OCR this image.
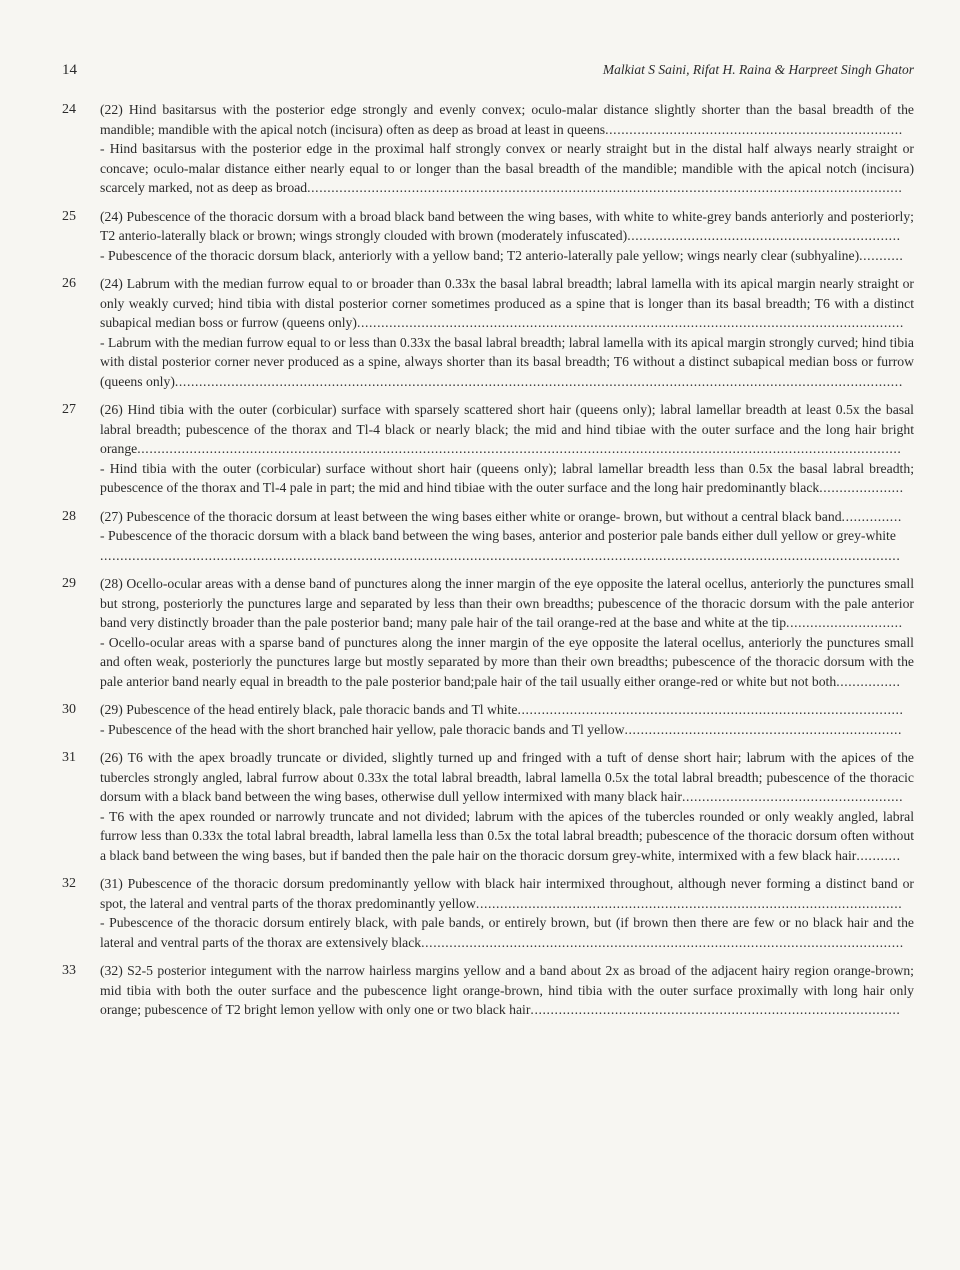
14	Malkiat S Saini, Rifat H. Raina & Harpreet Singh Ghator
24	(22) Hind basitarsus with the posterior edge strongly and evenly convex; oculo-malar distance slightly shorter than the basal breadth of the mandible; mandible with the apical notch (incisura) often as deep as broad at least in queens..........................................................................
- Hind basitarsus with the posterior edge in the proximal half strongly convex or nearly straight but in the distal half always nearly straight or concave; oculo-malar distance either nearly equal to or longer than the basal breadth of the mandible; mandible with the apical notch (incisura) scarcely marked, not as deep as broad....................................................................................................................................................
25	(24) Pubescence of the thoracic dorsum with a broad black band between the wing bases, with white to white-grey bands anteriorly and posteriorly; T2 anterio-laterally black or brown; wings strongly clouded with brown (moderately infuscated)....................................................................
- Pubescence of the thoracic dorsum black, anteriorly with a yellow band; T2 anterio-laterally pale yellow; wings nearly clear (subhyaline)...........
26	(24) Labrum with the median furrow equal to or broader than 0.33x the basal labral breadth; labral lamella with its apical margin nearly straight or only weakly curved; hind tibia with distal posterior corner sometimes produced as a spine that is longer than its basal breadth; T6 with a distinct subapical median boss or furrow (queens only)........................................................................................................................................
- Labrum with the median furrow equal to or less than 0.33x the basal labral breadth; labral lamella with its apical margin strongly curved; hind tibia with distal posterior corner never produced as a spine, always shorter than its basal breadth; T6 without a distinct subapical median boss or furrow (queens only).....................................................................................................................................................................................
27	(26) Hind tibia with the outer (corbicular) surface with sparsely scattered short hair (queens only); labral lamellar breadth at least 0.5x the basal labral breadth; pubescence of the thorax and Tl-4 black or nearly black; the mid and hind tibiae with the outer surface and the long hair bright orange..............................................................................................................................................................................................
- Hind tibia with the outer (corbicular) surface without short hair (queens only); labral lamellar breadth less than 0.5x the basal labral breadth; pubescence of the thorax and Tl-4 pale in part; the mid and hind tibiae with the outer surface and the long hair predominantly black.....................
28	(27) Pubescence of the thoracic dorsum at least between the wing bases either white or orange- brown, but without a central black band...............
- Pubescence of the thoracic dorsum with a black band between the wing bases, anterior and posterior pale bands either dull yellow or grey-white
.......................................................................................................................................................................................................
29	(28) Ocello-ocular areas with a dense band of punctures along the inner margin of the eye opposite the lateral ocellus, anteriorly the punctures small but strong, posteriorly the punctures large and separated by less than their own breadths; pubescence of the thoracic dorsum with the pale anterior band very distinctly broader than the pale posterior band; many pale hair of the tail orange-red at the base and white at the tip.............................
- Ocello-ocular areas with a sparse band of punctures along the inner margin of the eye opposite the lateral ocellus, anteriorly the punctures small and often weak, posteriorly the punctures large but mostly separated by more than their own breadths; pubescence of the thoracic dorsum with the pale anterior band nearly equal in breadth to the pale posterior band;pale hair of the tail usually either orange-red or white but not both................
30	(29) Pubescence of the head entirely black, pale thoracic bands and Tl white................................................................................................
- Pubescence of the head with the short branched hair yellow, pale thoracic bands and Tl yellow.....................................................................
31	(26) T6 with the apex broadly truncate or divided, slightly turned up and fringed with a tuft of dense short hair; labrum with the apices of the tubercles strongly angled, labral furrow about 0.33x the total labral breadth, labral lamella 0.5x the total labral breadth; pubescence of the thoracic dorsum with a black band between the wing bases, otherwise dull yellow intermixed with many black hair.......................................................
- T6 with the apex rounded or narrowly truncate and not divided; labrum with the apices of the tubercles rounded or only weakly angled, labral furrow less than 0.33x the total labral breadth, labral lamella less than 0.5x the total labral breadth; pubescence of the thoracic dorsum often without a black band between the wing bases, but if banded then the pale hair on the thoracic dorsum grey-white, intermixed with a few black hair...........
32	(31) Pubescence of the thoracic dorsum predominantly yellow with black hair intermixed throughout, although never forming a distinct band or spot, the lateral and ventral parts of the thorax predominantly yellow..........................................................................................................
- Pubescence of the thoracic dorsum entirely black, with pale bands, or entirely brown, but (if brown then there are few or no black hair and the lateral and ventral parts of the thorax are extensively black........................................................................................................................
33	(32) S2-5 posterior integument with the narrow hairless margins yellow and a band about 2x as broad of the adjacent hairy region orange-brown; mid tibia with both the outer surface and the pubescence light orange-brown, hind tibia with the outer surface proximally with long hair only orange; pubescence of T2 bright lemon yellow with only one or two black hair............................................................................................
